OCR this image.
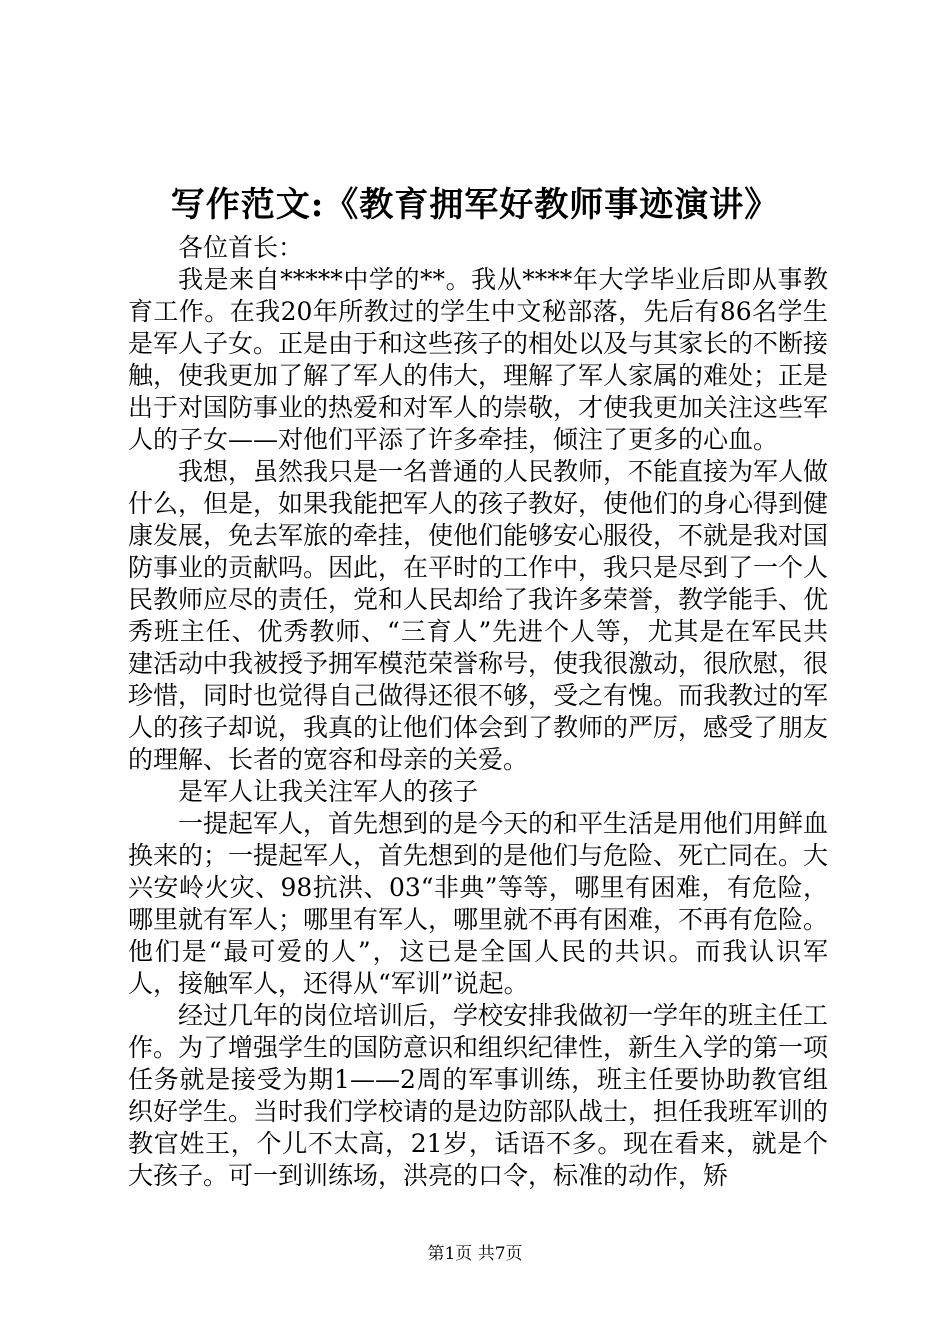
写作范文:《教育拥军好教师事迹演讲》

各位首长：

我是来自*****中学的**。我从****年大学毕业后即从事教育工作。在我20年所教过的学生中文秘部落，先后有86名学生是军人子女。正是由于和这些孩子的相处以及与其家长的不断接触，使我更加了解了军人的伟大，理解了军人家属的难处；正是出于对国防事业的热爱和对军人的崇敬，才使我更加关注这些军人的子女——对他们平添了许多牵挂，倾注了更多的心血。

我想，虽然我只是一名普通的人民教师，不能直接为军人做什么，但是，如果我能把军人的孩子教好，使他们的身心得到健康发展，免去军旅的牵挂，使他们能够安心服役，不就是我对国防事业的贡献吗。因此，在平时的工作中，我只是尽到了一个人民教师应尽的责任，党和人民却给了我许多荣誉，教学能手、优秀班主任、优秀教师、“三育人”先进个人等，尤其是在军民共建活动中我被授予拥军模范荣誉称号，使我很激动，很欣慰，很珍惜，同时也觉得自己做得还很不够，受之有愧。而我教过的军人的孩子却说，我真的让他们体会到了教师的严厉，感受了朋友的理解、长者的宽容和母亲的关爱。

是军人让我关注军人的孩子

一提起军人，首先想到的是今天的和平生活是用他们用鲜血换来的；一提起军人，首先想到的是他们与危险、死亡同在。大兴安岭火灾、98抗洪、03“非典”等等，哪里有困难，有危险，哪里就有军人；哪里有军人，哪里就不再有困难，不再有危险。他们是“最可爱的人”，这已是全国人民的共识。而我认识军人，接触军人，还得从“军训”说起。

经过几年的岗位培训后，学校安排我做初一学年的班主任工作。为了增强学生的国防意识和组织纪律性，新生入学的第一项任务就是接受为期1——2周的军事训练，班主任要协助教官组织好学生。当时我们学校请的是边防部队战士，担任我班军训的教官姓王，个儿不太高，21岁，话语不多。现在看来，就是个大孩子。可一到训练场，洪亮的口令，标准的动作，矫

第1页 共7页
